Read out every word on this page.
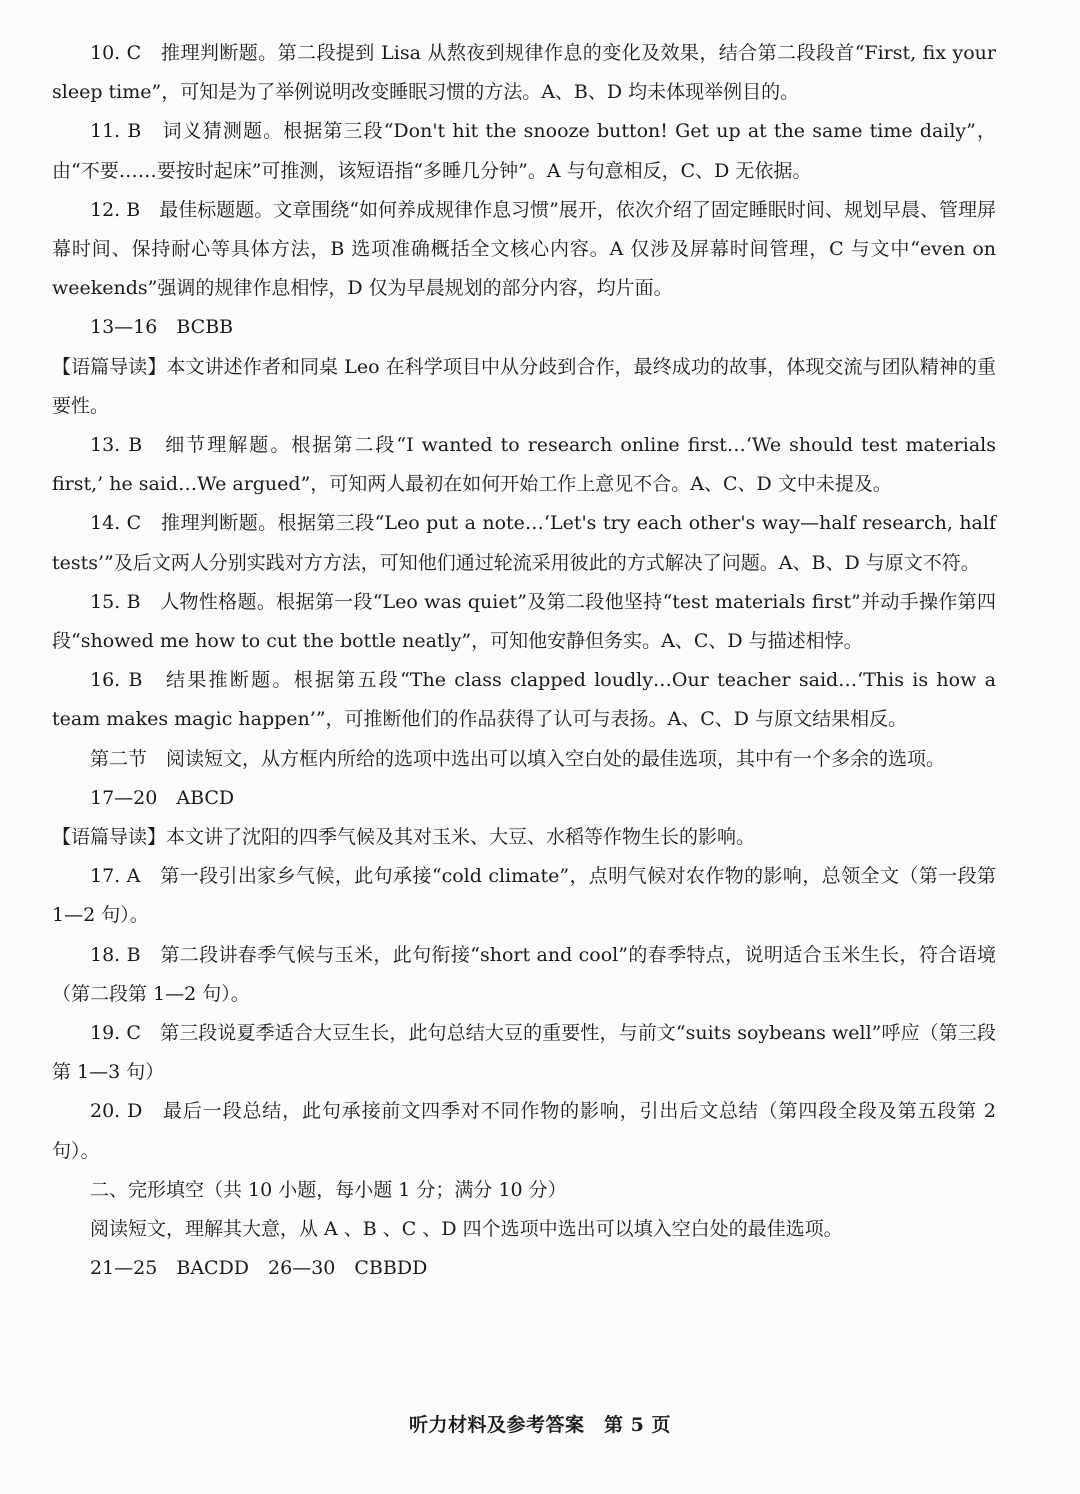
10. C　推理判断题。第二段提到 Lisa 从熬夜到规律作息的变化及效果，结合第二段段首“First, fix your sleep time”，可知是为了举例说明改变睡眠习惯的方法。A、B、D 均未体现举例目的。

11. B　词义猜测题。根据第三段“Don't hit the snooze button! Get up at the same time daily”，由“不要……要按时起床”可推测，该短语指“多睡几分钟”。A 与句意相反，C、D 无依据。

12. B　最佳标题题。文章围绕“如何养成规律作息习惯”展开，依次介绍了固定睡眠时间、规划早晨、管理屏幕时间、保持耐心等具体方法，B 选项准确概括全文核心内容。A 仅涉及屏幕时间管理，C 与文中“even on weekends”强调的规律作息相悖，D 仅为早晨规划的部分内容，均片面。

13—16　BCBB

【语篇导读】本文讲述作者和同桌 Leo 在科学项目中从分歧到合作，最终成功的故事，体现交流与团队精神的重要性。

13. B　细节理解题。根据第二段“I wanted to research online first…‘We should test materials first,’ he said…We argued”，可知两人最初在如何开始工作上意见不合。A、C、D 文中未提及。

14. C　推理判断题。根据第三段“Leo put a note…‘Let's try each other's way—half research, half tests’”及后文两人分别实践对方方法，可知他们通过轮流采用彼此的方式解决了问题。A、B、D 与原文不符。

15. B　人物性格题。根据第一段“Leo was quiet”及第二段他坚持“test materials first”并动手操作第四段“showed me how to cut the bottle neatly”，可知他安静但务实。A、C、D 与描述相悖。

16. B　结果推断题。根据第五段“The class clapped loudly…Our teacher said…‘This is how a team makes magic happen’”，可推断他们的作品获得了认可与表扬。A、C、D 与原文结果相反。

第二节　阅读短文，从方框内所给的选项中选出可以填入空白处的最佳选项，其中有一个多余的选项。

17—20　ABCD

【语篇导读】本文讲了沈阳的四季气候及其对玉米、大豆、水稻等作物生长的影响。

17. A　第一段引出家乡气候，此句承接“cold climate”，点明气候对农作物的影响，总领全文（第一段第 1—2 句）。

18. B　第二段讲春季气候与玉米，此句衔接“short and cool”的春季特点，说明适合玉米生长，符合语境（第二段第 1—2 句）。

19. C　第三段说夏季适合大豆生长，此句总结大豆的重要性，与前文“suits soybeans well”呼应（第三段第 1—3 句）

20. D　最后一段总结，此句承接前文四季对不同作物的影响，引出后文总结（第四段全段及第五段第 2 句）。

二、完形填空（共 10 小题，每小题 1 分；满分 10 分）

阅读短文，理解其大意，从 A 、B 、C 、D 四个选项中选出可以填入空白处的最佳选项。

21—25　BACDD　26—30　CBBDD

听力材料及参考答案　第 5 页
